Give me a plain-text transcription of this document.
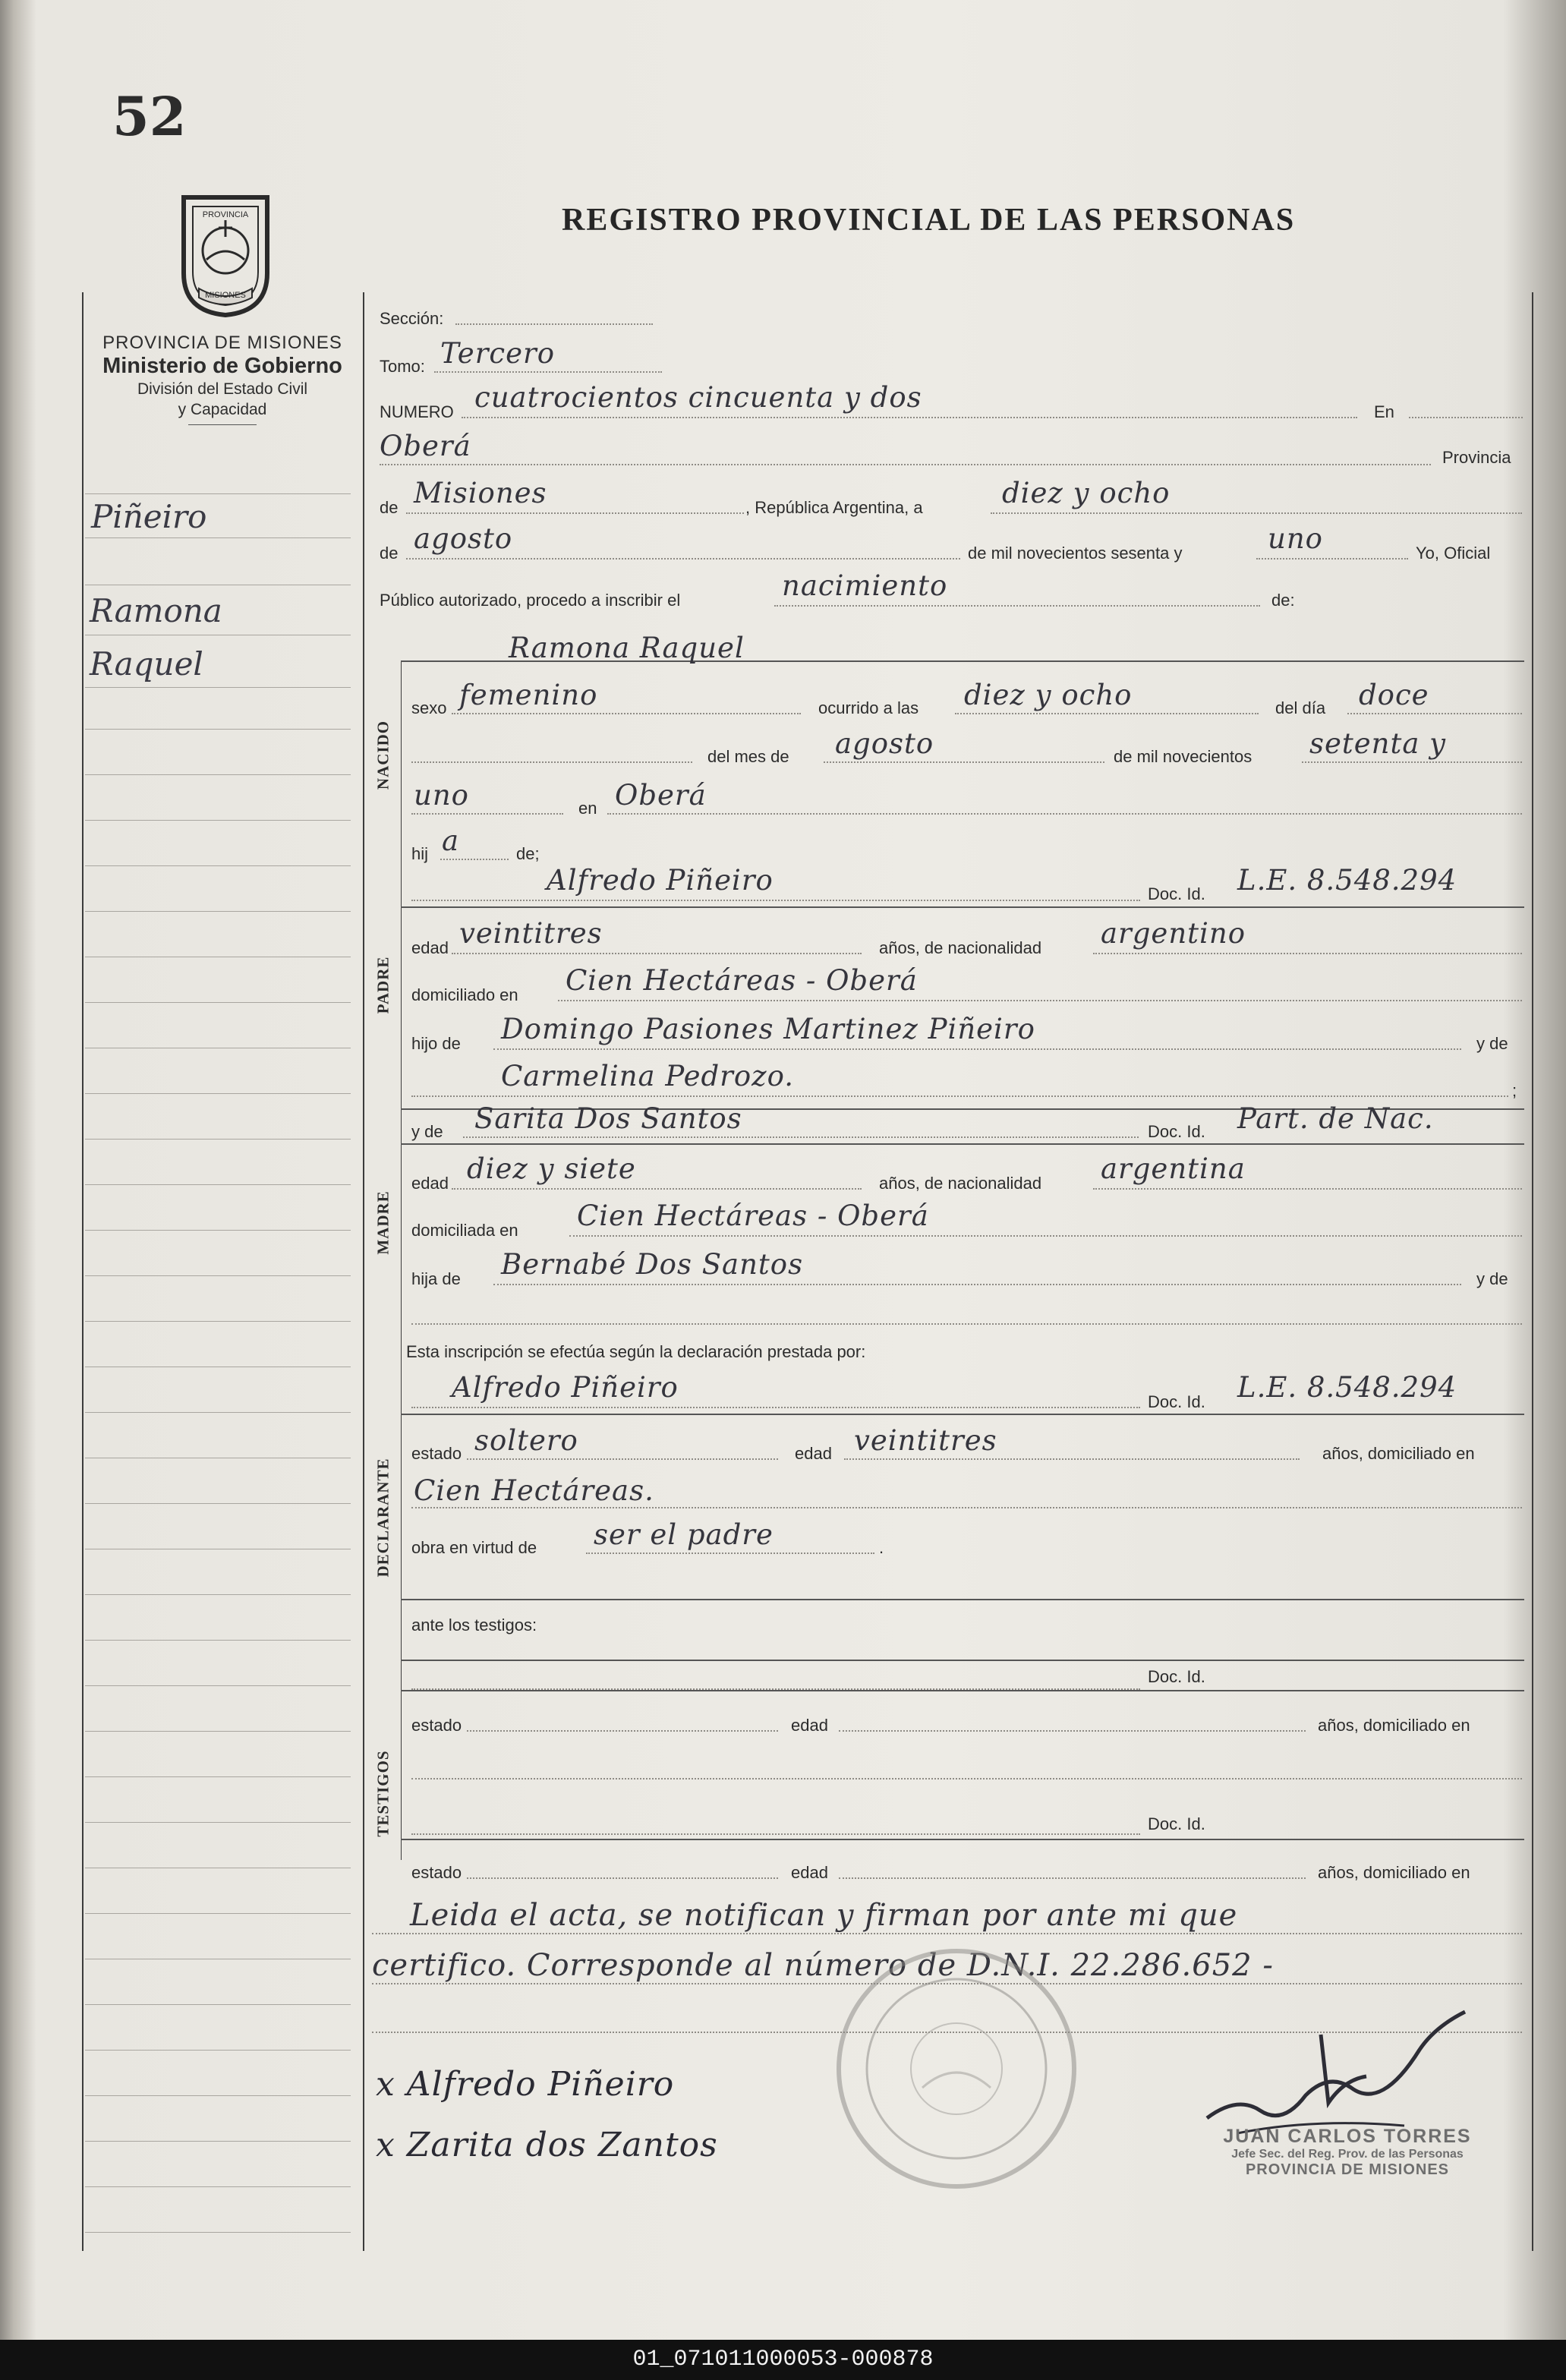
52
PROVINCIA
MISIONES
REGISTRO PROVINCIAL DE LAS PERSONAS
PROVINCIA DE MISIONES
Ministerio de Gobierno
División del Estado Civil
y Capacidad
Piñeiro
Ramona
Raquel
Sección:
Tomo: Tercero
NUMERO cuatrocientos cincuenta y dos	En
Oberá	Provincia
de Misiones	, República Argentina, a	diez y ocho
de agosto	de mil novecientos sesenta y	uno	Yo, Oficial
Público autorizado, procedo a inscribir el	nacimiento	de:
NACIDO
Ramona Raquel
sexo femenino	ocurrido a las diez y ocho	del día doce
del mes de agosto	de mil novecientos setenta y
uno	en Oberá
hij a	de;
Alfredo Piñeiro	Doc. Id. L.E. 8.548.294
PADRE
edad veintitres	años, de nacionalidad argentino
domiciliado en Cien Hectáreas - Oberá
hijo de Domingo Pasiones Martinez Piñeiro	y de
Carmelina Pedrozo.	;
y de Sarita Dos Santos	Doc. Id. Part. de Nac.
MADRE
edad diez y siete	años, de nacionalidad argentina
domiciliada en Cien Hectáreas - Oberá
hija de Bernabé Dos Santos	y de
Esta inscripción se efectúa según la declaración prestada por:
Alfredo Piñeiro	Doc. Id. L.E. 8.548.294
DECLARANTE
estado soltero	edad veintitres	años, domiciliado en
Cien Hectáreas.
obra en virtud de ser el padre	.
ante los testigos:
TESTIGOS
Doc. Id.
estado	edad	años, domiciliado en
Doc. Id.
estado	edad	años, domiciliado en
Leida el acta, se notifican y firman por ante mi que
certifico. Corresponde al número de D.N.I. 22.286.652 -
x Alfredo Piñeiro
x Zarita dos Zantos	JUAN CARLOS TORRES
Jefe Sec. del Reg. Prov. de las Personas
PROVINCIA DE MISIONES
01_071011000053-000878
